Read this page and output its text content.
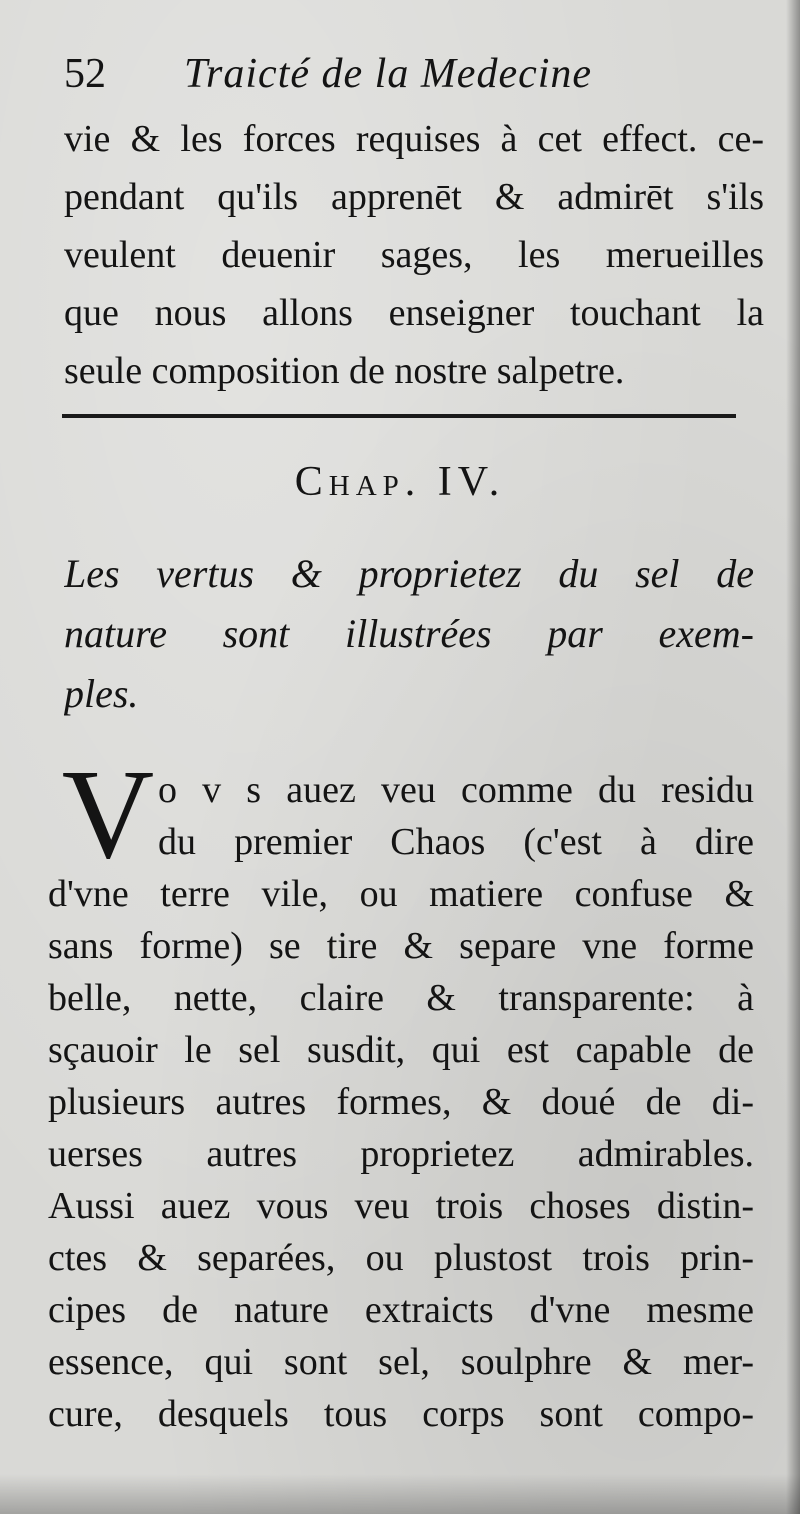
52 Traicté de la Medecine
vie & les forces requises à cet effect. ce-
pendant qu'ils apprenēt & admirēt s'ils
veulent deuenir sages, les merueilles
que nous allons enseigner touchant la
seule composition de nostre salpetre.
Chap. IV.
Les vertus & proprietez du sel de
nature sont illustrées par exem-
ples.
V o v s auez veu comme du residu
du premier Chaos (c'est à dire
d'vne terre vile, ou matiere confuse &
sans forme) se tire & separe vne forme
belle, nette, claire & transparente: à
sçauoir le sel susdit, qui est capable de
plusieurs autres formes, & doué de di-
uerses autres proprietez admirables.
Aussi auez vous veu trois choses distin-
ctes & separées, ou plustost trois prin-
cipes de nature extraicts d'vne mesme
essence, qui sont sel, soulphre & mer-
cure, desquels tous corps sont compo-
